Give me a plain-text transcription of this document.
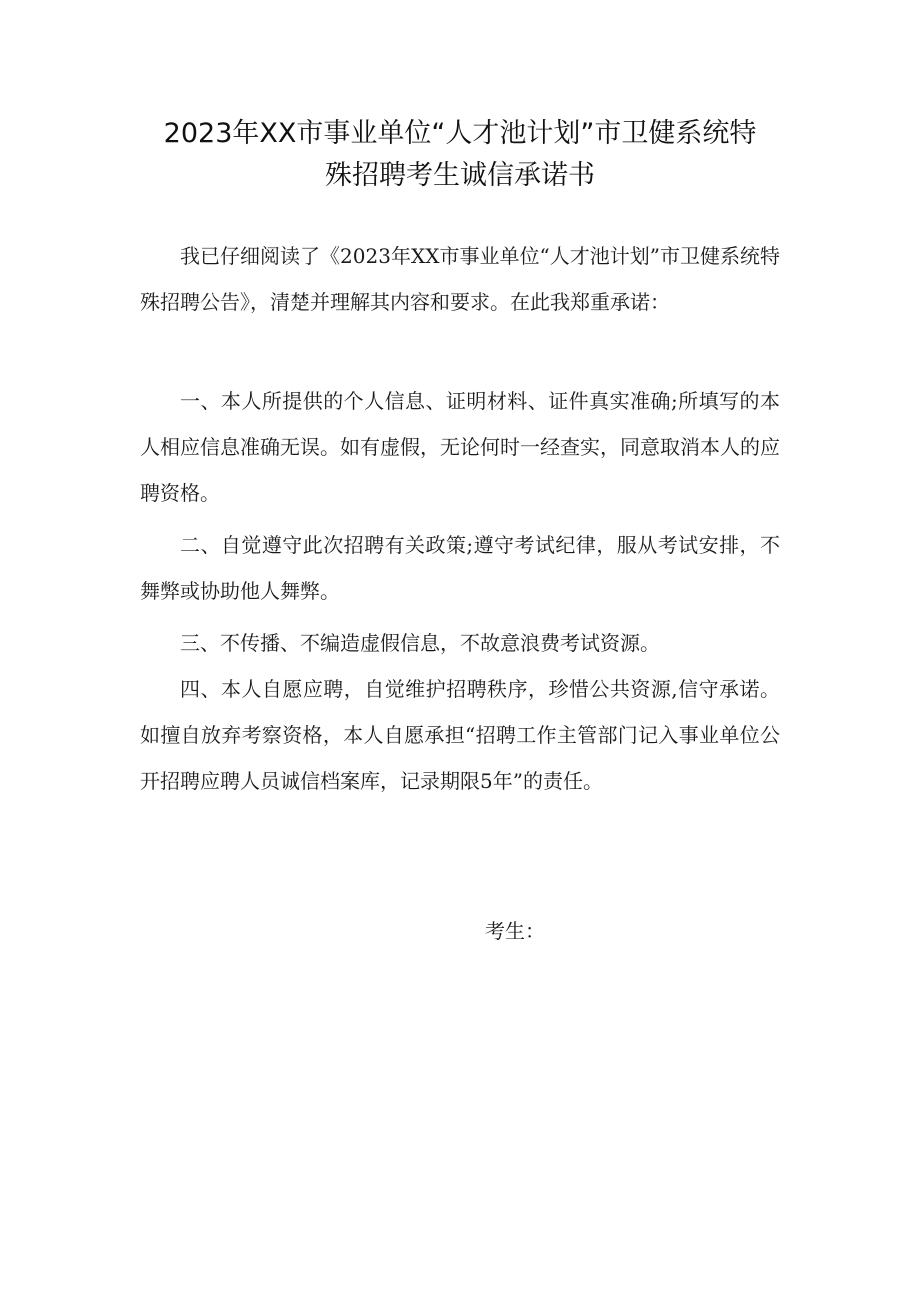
2023年XX市事业单位“人才池计划”市卫健系统特
殊招聘考生诚信承诺书

我已仔细阅读了《2023年XX市事业单位“人才池计划”市卫健系统特殊招聘公告》，清楚并理解其内容和要求。在此我郑重承诺：

一、本人所提供的个人信息、证明材料、证件真实准确;所填写的本人相应信息准确无误。如有虚假，无论何时一经查实，同意取消本人的应聘资格。

二、自觉遵守此次招聘有关政策;遵守考试纪律，服从考试安排，不舞弊或协助他人舞弊。

三、不传播、不编造虚假信息，不故意浪费考试资源。

四、本人自愿应聘，自觉维护招聘秩序，珍惜公共资源,信守承诺。如擅自放弃考察资格，本人自愿承担“招聘工作主管部门记入事业单位公开招聘应聘人员诚信档案库，记录期限5年”的责任。

考生：
